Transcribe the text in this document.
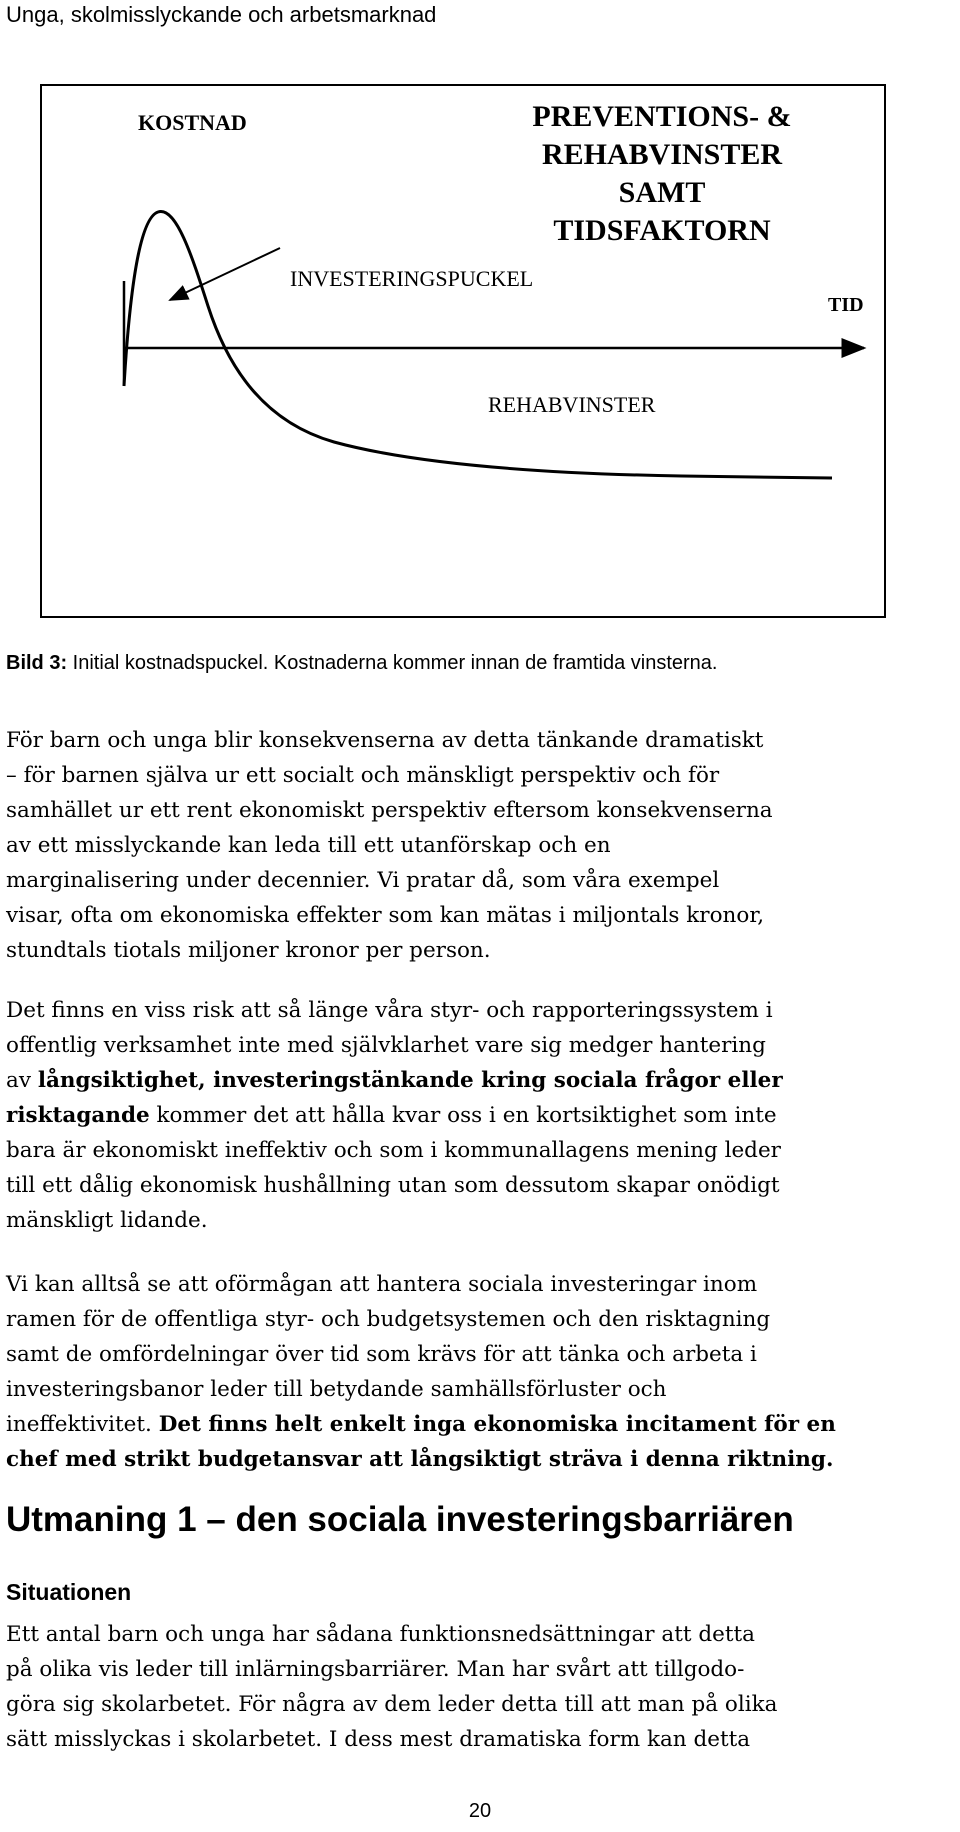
Unga, skolmisslyckande och arbetsmarknad
KOSTNAD	PREVENTIONS- &
REHABVINSTER
SAMT
TIDSFAKTORN
INVESTERINGSPUCKEL
TID
REHABVINSTER
Bild 3: Initial kostnadspuckel. Kostnaderna kommer innan de framtida vinsterna.
För barn och unga blir konsekvenserna av detta tänkande dramatiskt
– för barnen själva ur ett socialt och mänskligt perspektiv och för
samhället ur ett rent ekonomiskt perspektiv eftersom konsekvenserna
av ett misslyckande kan leda till ett utanförskap och en
marginalisering under decennier. Vi pratar då, som våra exempel
visar, ofta om ekonomiska effekter som kan mätas i miljontals kronor,
stundtals tiotals miljoner kronor per person.
Det finns en viss risk att så länge våra styr- och rapporteringssystem i
offentlig verksamhet inte med självklarhet vare sig medger hantering
av långsiktighet, investeringstänkande kring sociala frågor eller
risktagande kommer det att hålla kvar oss i en kortsiktighet som inte
bara är ekonomiskt ineffektiv och som i kommunallagens mening leder
till ett dålig ekonomisk hushållning utan som dessutom skapar onödigt
mänskligt lidande.
Vi kan alltså se att oförmågan att hantera sociala investeringar inom
ramen för de offentliga styr- och budgetsystemen och den risktagning
samt de omfördelningar över tid som krävs för att tänka och arbeta i
investeringsbanor leder till betydande samhällsförluster och
ineffektivitet. Det finns helt enkelt inga ekonomiska incitament för en
chef med strikt budgetansvar att långsiktigt sträva i denna riktning.
Utmaning 1 – den sociala investeringsbarriären
Situationen
Ett antal barn och unga har sådana funktionsnedsättningar att detta
på olika vis leder till inlärningsbarriärer. Man har svårt att tillgodo-
göra sig skolarbetet. För några av dem leder detta till att man på olika
sätt misslyckas i skolarbetet. I dess mest dramatiska form kan detta
20
